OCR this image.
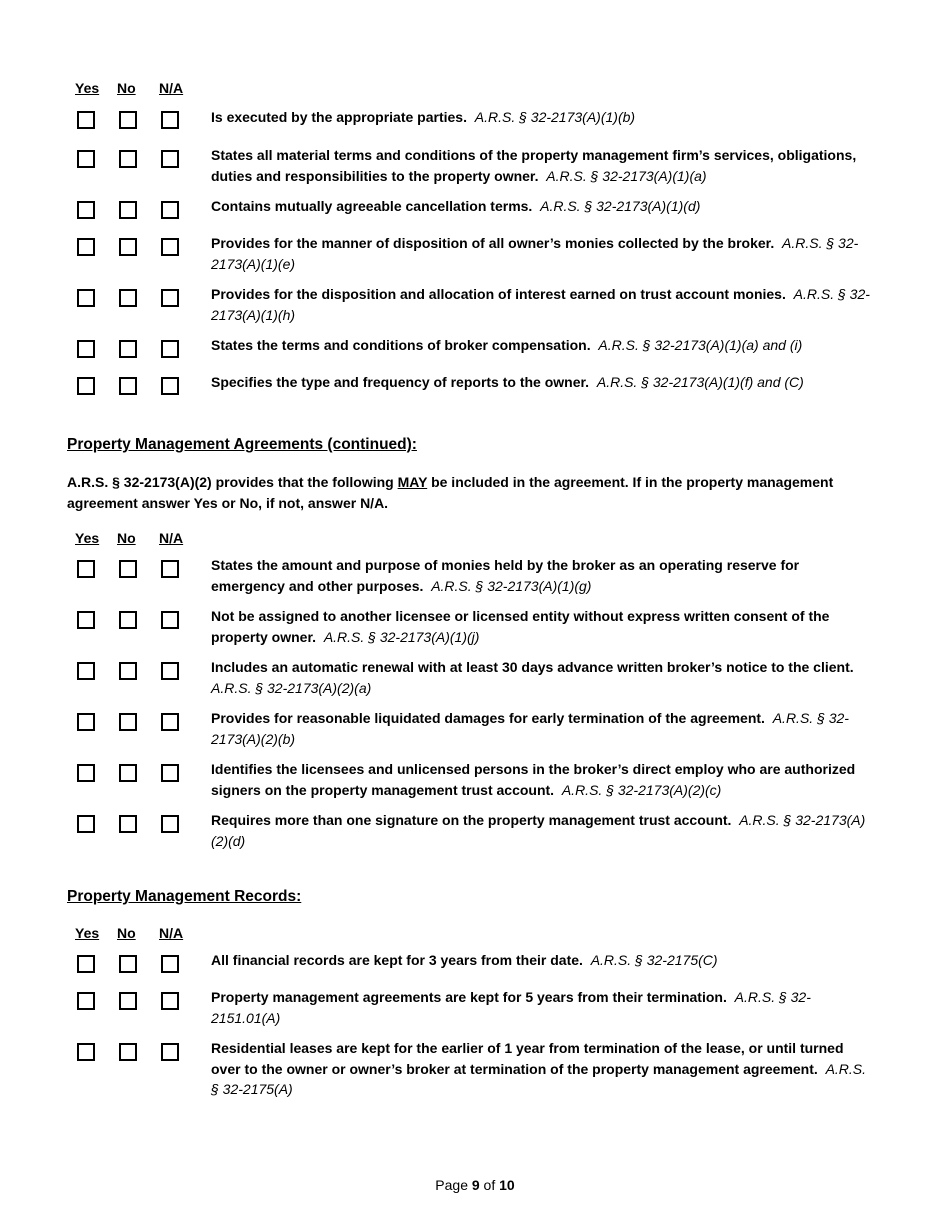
Yes No N/A
Is executed by the appropriate parties. A.R.S. § 32-2173(A)(1)(b)
States all material terms and conditions of the property management firm’s services, obligations, duties and responsibilities to the property owner. A.R.S. § 32-2173(A)(1)(a)
Contains mutually agreeable cancellation terms. A.R.S. § 32-2173(A)(1)(d)
Provides for the manner of disposition of all owner’s monies collected by the broker. A.R.S. § 32-2173(A)(1)(e)
Provides for the disposition and allocation of interest earned on trust account monies. A.R.S. § 32-2173(A)(1)(h)
States the terms and conditions of broker compensation. A.R.S. § 32-2173(A)(1)(a) and (i)
Specifies the type and frequency of reports to the owner. A.R.S. § 32-2173(A)(1)(f) and (C)
Property Management Agreements (continued):
A.R.S. § 32-2173(A)(2) provides that the following MAY be included in the agreement. If in the property management agreement answer Yes or No, if not, answer N/A.
Yes No N/A
States the amount and purpose of monies held by the broker as an operating reserve for emergency and other purposes. A.R.S. § 32-2173(A)(1)(g)
Not be assigned to another licensee or licensed entity without express written consent of the property owner. A.R.S. § 32-2173(A)(1)(j)
Includes an automatic renewal with at least 30 days advance written broker’s notice to the client.  A.R.S. § 32-2173(A)(2)(a)
Provides for reasonable liquidated damages for early termination of the agreement. A.R.S. § 32-2173(A)(2)(b)
Identifies the licensees and unlicensed persons in the broker’s direct employ who are authorized signers on the property management trust account. A.R.S. § 32-2173(A)(2)(c)
Requires more than one signature on the property management trust account. A.R.S. § 32-2173(A)(2)(d)
Property Management Records:
Yes No N/A
All financial records are kept for 3 years from their date. A.R.S. § 32-2175(C)
Property management agreements are kept for 5 years from their termination. A.R.S. § 32-2151.01(A)
Residential leases are kept for the earlier of 1 year from termination of the lease, or until turned over to the owner or owner’s broker at termination of the property management agreement. A.R.S. § 32-2175(A)
Page 9 of 10
